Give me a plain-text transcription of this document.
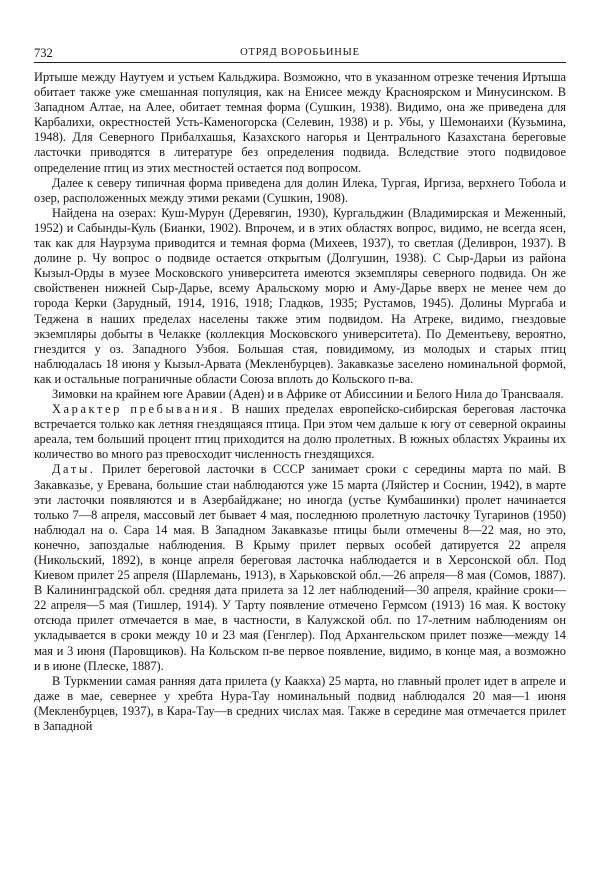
732	ОТРЯД ВОРОБЬИНЫЕ

Иртыше между Наутуем и устьем Кальджира. Возможно, что в указанном отрезке течения Иртыша обитает также уже смешанная популяция, как на Енисее между Красноярском и Минусинском. В Западном Алтае, на Алее, обитает темная форма (Сушкин, 1938). Видимо, она же приведена для Карбалихи, окрестностей Усть-Каменогорска (Селевин, 1938) и р. Убы, у Шемонаихи (Кузьмина, 1948). Для Северного Прибалхашья, Казахского нагорья и Центрального Казахстана береговые ласточки приводятся в литературе без определения подвида. Вследствие этого подвидовое определение птиц из этих местностей остается под вопросом.

Далее к северу типичная форма приведена для долин Илека, Тургая, Иргиза, верхнего Тобола и озер, расположенных между этими реками (Сушкин, 1908).

Найдена на озерах: Куш-Мурун (Деревягин, 1930), Кургальджин (Владимирская и Меженный, 1952) и Сабынды-Куль (Бианки, 1902). Впрочем, и в этих областях вопрос, видимо, не всегда ясен, так как для Наурзума приводится и темная форма (Михеев, 1937), то светлая (Деливрон, 1937). В долине р. Чу вопрос о подвиде остается открытым (Долгушин, 1938). С Сыр-Дарьи из района Кызыл-Орды в музее Московского университета имеются экземпляры северного подвида. Он же свойственен нижней Сыр-Дарье, всему Аральскому морю и Аму-Дарье вверх не менее чем до города Керки (Зарудный, 1914, 1916, 1918; Гладков, 1935; Рустамов, 1945). Долины Мургаба и Теджена в наших пределах населены также этим подвидом. На Атреке, видимо, гнездовые экземпляры добыты в Челакке (коллекция Московского университета). По Дементьеву, вероятно, гнездится у оз. Западного Узбоя. Большая стая, повидимому, из молодых и старых птиц наблюдалась 18 июня у Кызыл-Арвата (Мекленбурцев). Закавказье заселено номинальной формой, как и остальные пограничные области Союза вплоть до Кольского п-ва.

Зимовки на крайнем юге Аравии (Аден) и в Африке от Абиссинии и Белого Нила до Трансвааля.

Характер пребывания. В наших пределах европейско-сибирская береговая ласточка встречается только как летняя гнездящаяся птица. При этом чем дальше к югу от северной окраины ареала, тем больший процент птиц приходится на долю пролетных. В южных областях Украины их количество во много раз превосходит численность гнездящихся.

Даты. Прилет береговой ласточки в СССР занимает сроки с середины марта по май. В Закавказье, у Еревана, большие стаи наблюдаются уже 15 марта (Ляйстер и Соснин, 1942), в марте эти ласточки появляются и в Азербайджане; но иногда (устье Кумбашинки) пролет начинается только 7—8 апреля, массовый лет бывает 4 мая, последнюю пролетную ласточку Тугаринов (1950) наблюдал на о. Сара 14 мая. В Западном Закавказье птицы были отмечены 8—22 мая, но это, конечно, запоздалые наблюдения. В Крыму прилет первых особей датируется 22 апреля (Никольский, 1892), в конце апреля береговая ласточка наблюдается и в Херсонской обл. Под Киевом прилет 25 апреля (Шарлемань, 1913), в Харьковской обл.—26 апреля—8 мая (Сомов, 1887). В Калининградской обл. средняя дата прилета за 12 лет наблюдений—30 апреля, крайние сроки—22 апреля—5 мая (Тишлер, 1914). У Тарту появление отмечено Гермсом (1913) 16 мая. К востоку отсюда прилет отмечается в мае, в частности, в Калужской обл. по 17-летним наблюдениям он укладывается в сроки между 10 и 23 мая (Генглер). Под Архангельском прилет позже—между 14 мая и 3 июня (Паровщиков). На Кольском п-ве первое появление, видимо, в конце мая, а возможно и в июне (Плеске, 1887).

В Туркмении самая ранняя дата прилета (у Каакха) 25 марта, но главный пролет идет в апреле и даже в мае, севернее у хребта Нура-Тау номинальный подвид наблюдался 20 мая—1 июня (Мекленбурцев, 1937), в Кара-Тау—в средних числах мая. Также в середине мая отмечается прилет в Западной
